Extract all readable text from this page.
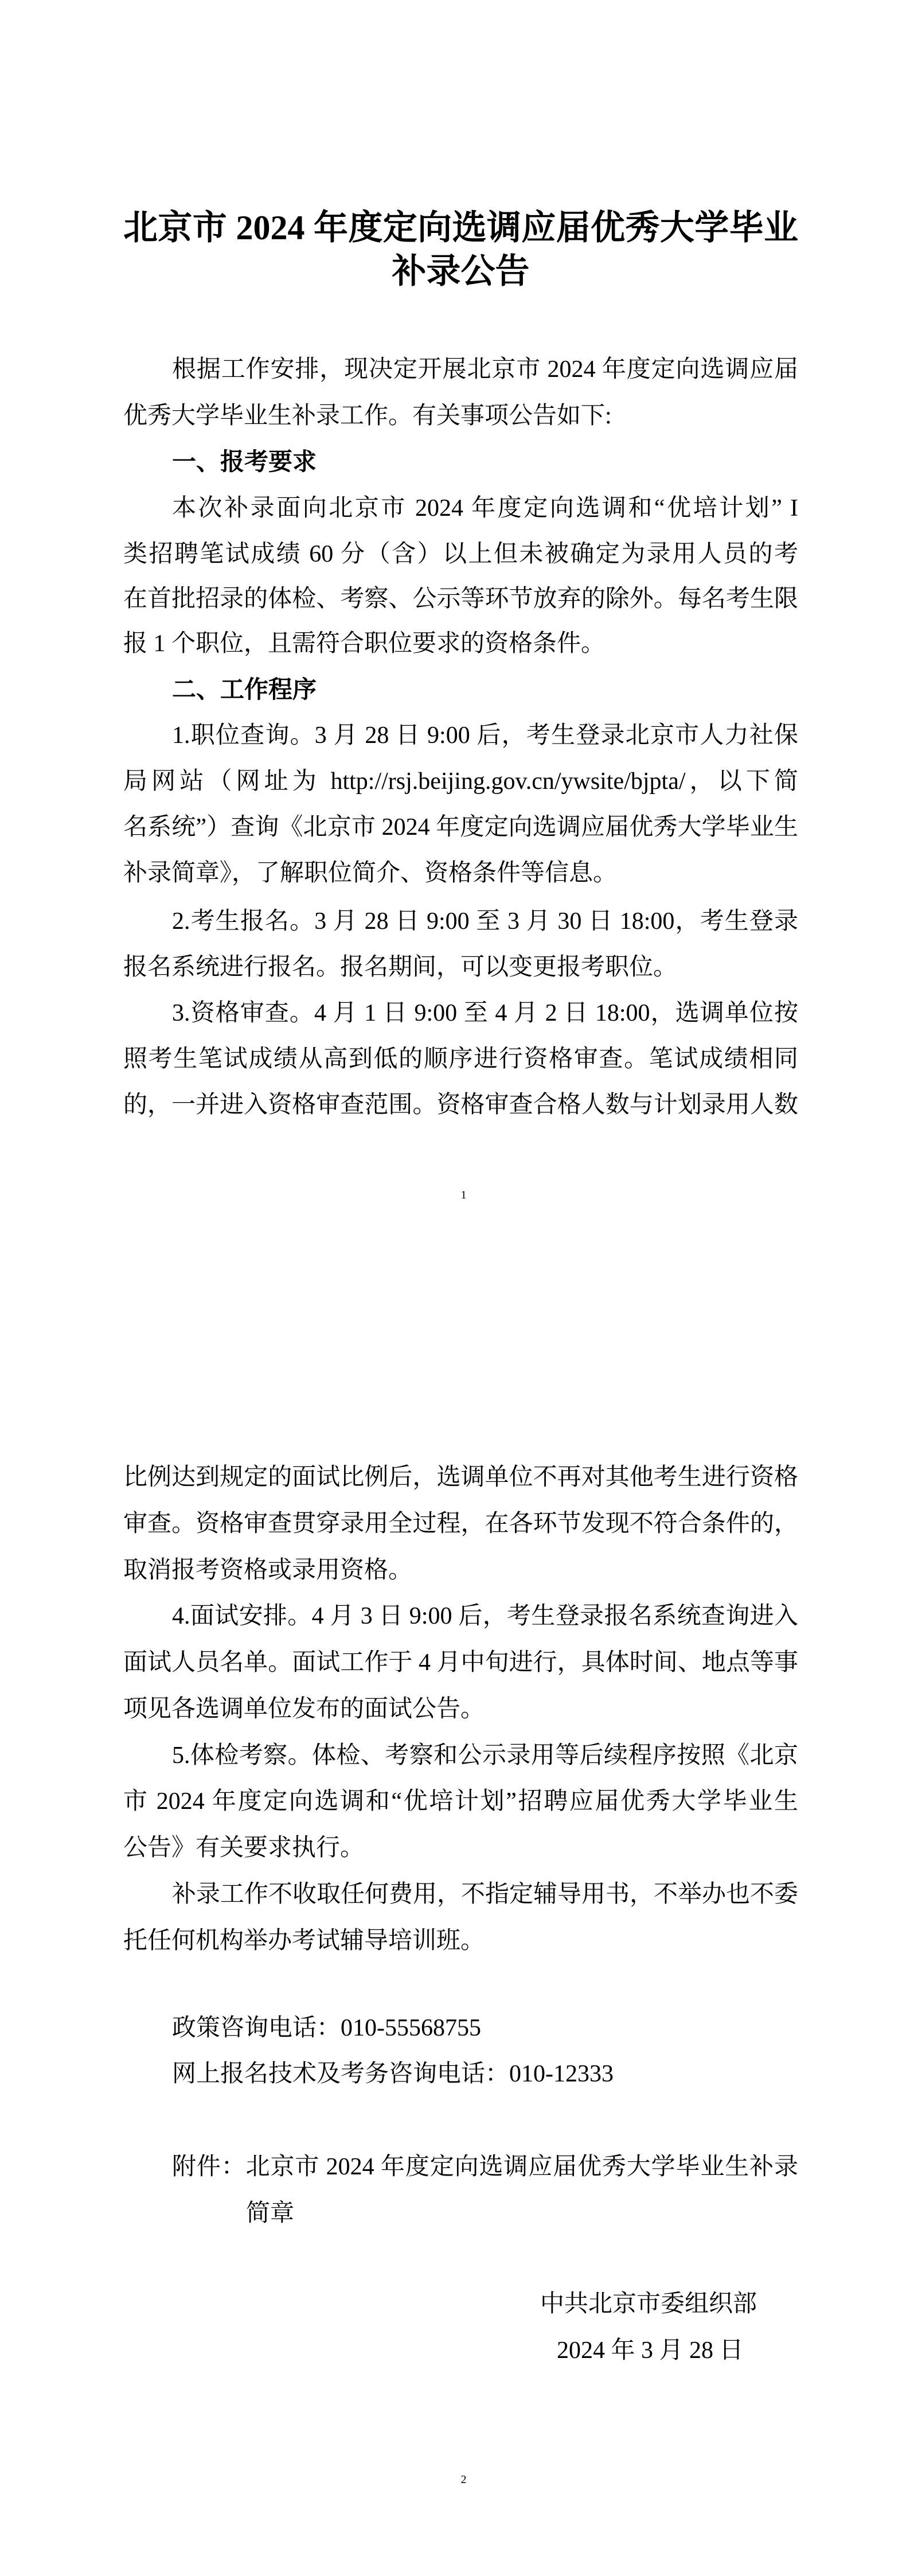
北京市 2024 年度定向选调应届优秀大学毕业
补录公告
根据工作安排，现决定开展北京市 2024 年度定向选调应届
优秀大学毕业生补录工作。有关事项公告如下:
一、报考要求
本次补录面向北京市 2024 年度定向选调和“优培计划” I
类招聘笔试成绩 60 分（含）以上但未被确定为录用人员的考
在首批招录的体检、考察、公示等环节放弃的除外。每名考生限
报 1 个职位，且需符合职位要求的资格条件。
二、工作程序
1.职位查询。3 月 28 日 9:00 后，考生登录北京市人力社保
局网站（网址为 http://rsj.beijing.gov.cn/ywsite/bjpta/，以下简
名系统”）查询《北京市 2024 年度定向选调应届优秀大学毕业生
补录简章》，了解职位简介、资格条件等信息。
2.考生报名。3 月 28 日 9:00 至 3 月 30 日 18:00，考生登录
报名系统进行报名。报名期间，可以变更报考职位。
3.资格审查。4 月 1 日 9:00 至 4 月 2 日 18:00，选调单位按
照考生笔试成绩从高到低的顺序进行资格审查。笔试成绩相同
的，一并进入资格审查范围。资格审查合格人数与计划录用人数
1
比例达到规定的面试比例后，选调单位不再对其他考生进行资格
审查。资格审查贯穿录用全过程，在各环节发现不符合条件的，
取消报考资格或录用资格。
4.面试安排。4 月 3 日 9:00 后，考生登录报名系统查询进入
面试人员名单。面试工作于 4 月中旬进行，具体时间、地点等事
项见各选调单位发布的面试公告。
5.体检考察。体检、考察和公示录用等后续程序按照《北京
市 2024 年度定向选调和“优培计划”招聘应届优秀大学毕业生
公告》有关要求执行。
补录工作不收取任何费用，不指定辅导用书，不举办也不委
托任何机构举办考试辅导培训班。
政策咨询电话：010-55568755
网上报名技术及考务咨询电话：010-12333
附件：北京市 2024 年度定向选调应届优秀大学毕业生补录
简章
中共北京市委组织部
2024 年 3 月 28 日
2
